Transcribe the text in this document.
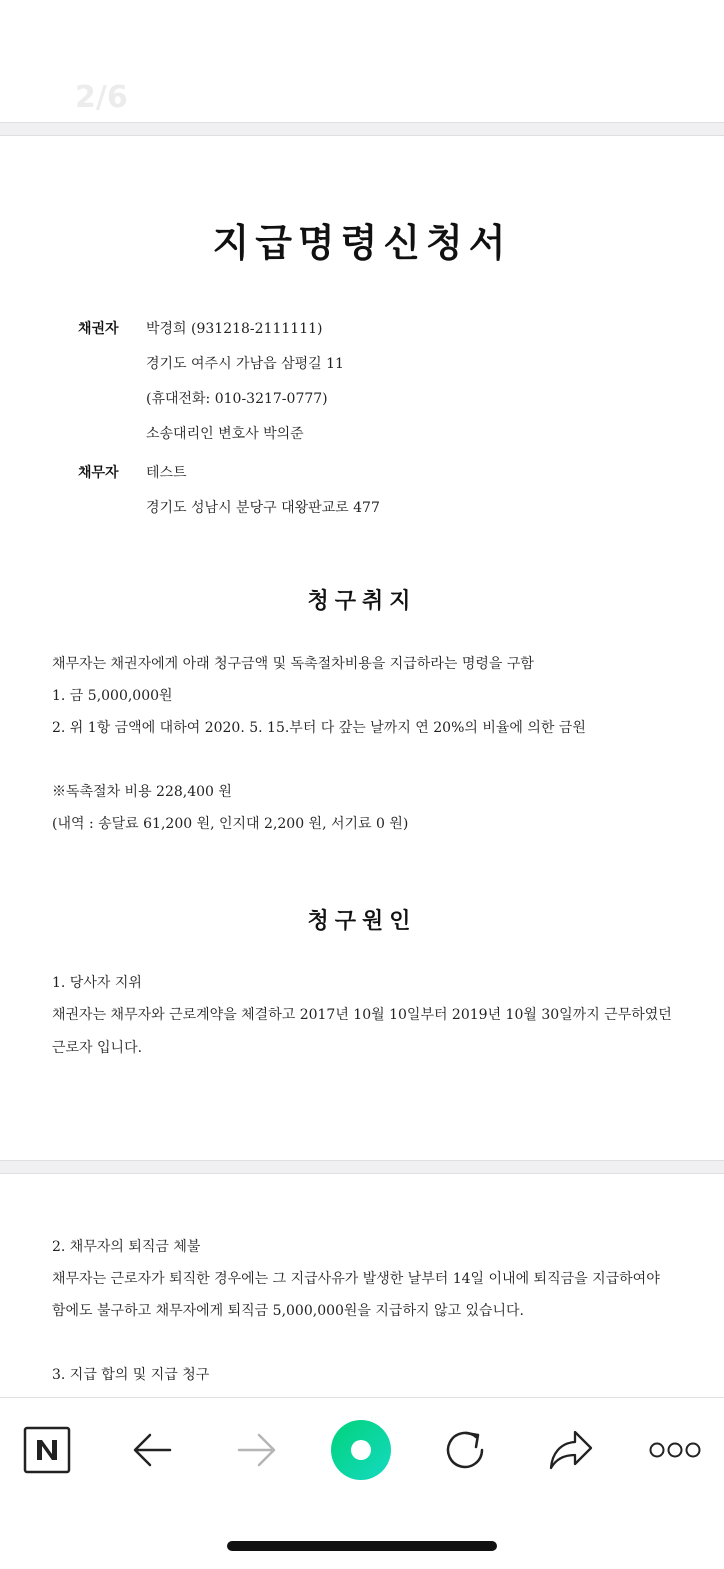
2/6
지급명령신청서
채권자 박경희 (931218-2111111)
경기도 여주시 가남읍 삼평길 11
(휴대전화: 010-3217-0777)
소송대리인 변호사 박의준
채무자 테스트
경기도 성남시 분당구 대왕판교로 477
청구취지
채무자는 채권자에게 아래 청구금액 및 독촉절차비용을 지급하라는 명령을 구함
1. 금 5,000,000원
2. 위 1항 금액에 대하여 2020. 5. 15.부터 다 갚는 날까지 연 20%의 비율에 의한 금원
※독촉절차 비용 228,400 원
(내역 : 송달료 61,200 원, 인지대 2,200 원, 서기료 0 원)
청구원인
1. 당사자 지위
채권자는 채무자와 근로계약을 체결하고 2017년 10월 10일부터 2019년 10월 30일까지 근무하였던
근로자 입니다.
2. 채무자의 퇴직금 체불
채무자는 근로자가 퇴직한 경우에는 그 지급사유가 발생한 날부터 14일 이내에 퇴직금을 지급하여야
함에도 불구하고 채무자에게 퇴직금 5,000,000원을 지급하지 않고 있습니다.
3. 지급 합의 및 지급 청구
